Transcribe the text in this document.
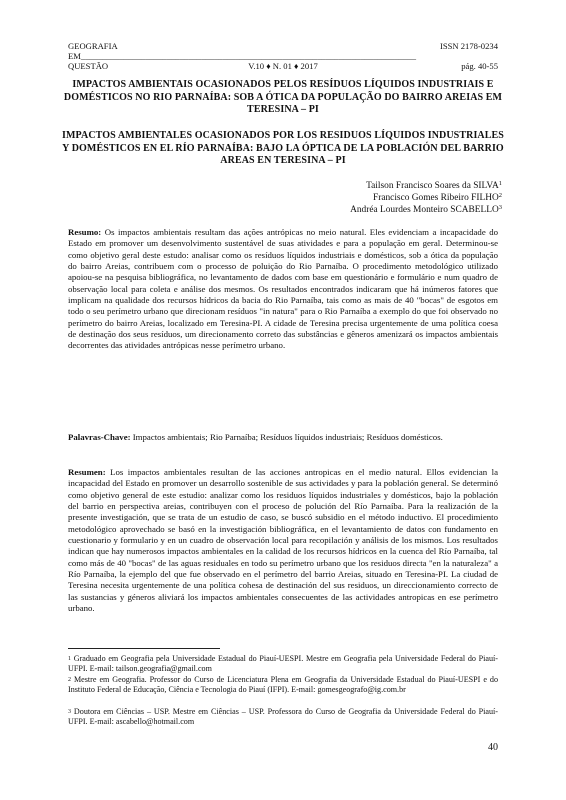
GEOGRAFIA	ISSN 2178-0234
EM______________________________________________________________________________
QUESTÃO	V.10 ♦ N. 01 ♦ 2017	pág. 40-55
IMPACTOS AMBIENTAIS OCASIONADOS PELOS RESÍDUOS LÍQUIDOS INDUSTRIAIS E DOMÉSTICOS NO RIO PARNAÍBA: SOB A ÓTICA DA POPULAÇÃO DO BAIRRO AREIAS EM TERESINA – PI
IMPACTOS AMBIENTALES OCASIONADOS POR LOS RESIDUOS LÍQUIDOS INDUSTRIALES Y DOMÉSTICOS EN EL RÍO PARNAÍBA: BAJO LA ÓPTICA DE LA POBLACIÓN DEL BARRIO AREAS EN TERESINA – PI
Tailson Francisco Soares da SILVA$^1$
Francisco Gomes Ribeiro FILHO$^2$
Andréa Lourdes Monteiro SCABELLO$^3$
Resumo: Os impactos ambientais resultam das ações antrópicas no meio natural. Eles evidenciam a incapacidade do Estado em promover um desenvolvimento sustentável de suas atividades e para a população em geral. Determinou-se como objetivo geral deste estudo: analisar como os resíduos líquidos industriais e domésticos, sob a ótica da população do bairro Areias, contribuem com o processo de poluição do Rio Parnaíba. O procedimento metodológico utilizado apoiou-se na pesquisa bibliográfica, no levantamento de dados com base em questionário e formulário e num quadro de observação local para coleta e análise dos mesmos. Os resultados encontrados indicaram que há inúmeros fatores que implicam na qualidade dos recursos hídricos da bacia do Rio Parnaíba, tais como as mais de 40 "bocas" de esgotos em todo o seu perímetro urbano que direcionam resíduos "in natura" para o Rio Parnaíba a exemplo do que foi observado no perímetro do bairro Areias, localizado em Teresina-PI. A cidade de Teresina precisa urgentemente de uma política coesa de destinação dos seus resíduos, um direcionamento correto das substâncias e gêneros amenizará os impactos ambientais decorrentes das atividades antrópicas nesse perímetro urbano.
Palavras-Chave: Impactos ambientais; Rio Parnaíba; Resíduos líquidos industriais; Resíduos domésticos.
Resumen: Los impactos ambientales resultan de las acciones antropicas en el medio natural. Ellos evidencian la incapacidad del Estado en promover un desarrollo sostenible de sus actividades y para la población general. Se determinó como objetivo general de este estudio: analizar como los residuos líquidos industriales y domésticos, bajo la población del barrio en perspectiva areias, contribuyen con el proceso de polución del Río Parnaíba. Para la realización de la presente investigación, que se trata de un estudio de caso, se buscó subsidio en el método inductivo. El procedimiento metodológico aprovechado se basó en la investigación bibliográfica, en el levantamiento de datos con fundamento en cuestionario y formulario y en un cuadro de observación local para recopilación y análisis de los mismos. Los resultados indican que hay numerosos impactos ambientales en la calidad de los recursos hídricos en la cuenca del Río Parnaíba, tal como más de 40 "bocas" de las aguas residuales en todo su perímetro urbano que los residuos directa "en la naturaleza" a Río Parnaíba, la ejemplo del que fue observado en el perímetro del barrio Areias, situado en Teresina-PI. La ciudad de Teresina necesita urgentemente de una política cohesa de destinación del sus residuos, un direccionamiento correcto de las sustancias y géneros aliviará los impactos ambientales consecuentes de las actividades antropicas en ese perímetro urbano.
$^1$ Graduado em Geografia pela Universidade Estadual do Piauí-UESPI. Mestre em Geografia pela Universidade Federal do Piauí- UFPI. E-mail: tailson.geografia@gmail.com
$^2$ Mestre em Geografia. Professor do Curso de Licenciatura Plena em Geografia da Universidade Estadual do Piauí-UESPI e do Instituto Federal de Educação, Ciência e Tecnologia do Piauí (IFPI). E-mail: gomesgeografo@ig.com.br
$^3$ Doutora em Ciências – USP. Mestre em Ciências – USP. Professora do Curso de Geografia da Universidade Federal do Piauí-UFPI. E-mail: ascabello@hotmail.com
40
